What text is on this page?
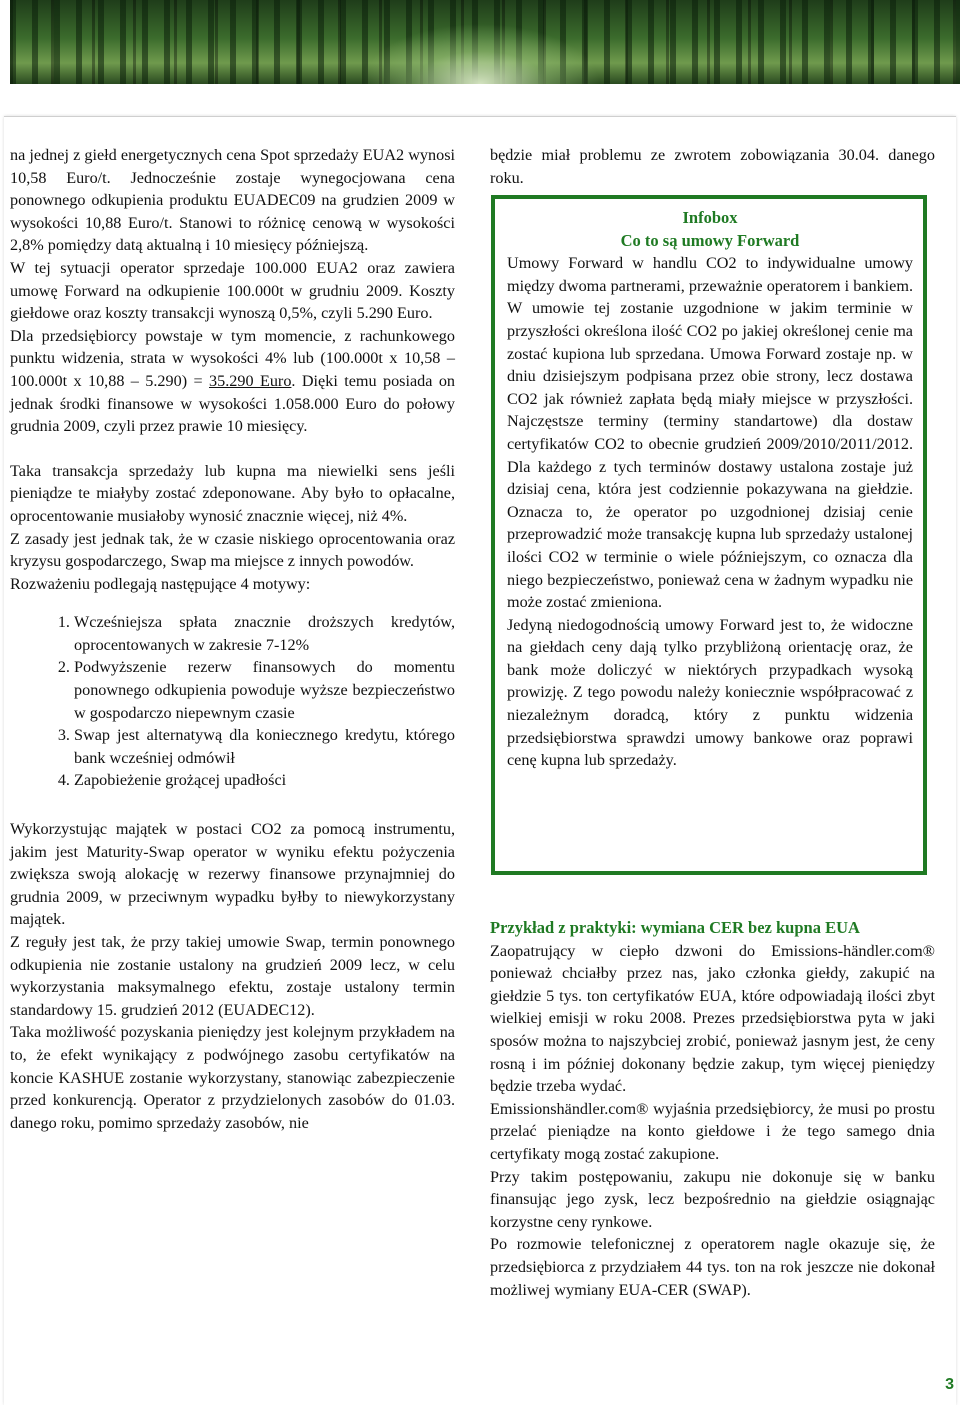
na jednej z giełd energetycznych cena Spot sprzedaży EUA2 wynosi 10,58 Euro/t. Jednocześnie zostaje wynegocjowana cena ponownego odkupienia produktu EUADEC09 na grudzien 2009 w wysokości 10,88 Euro/t. Stanowi to różnicę cenową w wysokości 2,8% pomiędzy datą aktualną i 10 miesięcy późniejszą.

W tej sytuacji operator sprzedaje 100.000 EUA2 oraz zawiera umowę Forward na odkupienie 100.000t w grudniu 2009. Koszty giełdowe oraz koszty transakcji wynoszą 0,5%, czyli 5.290 Euro.

Dla przedsiębiorcy powstaje w tym momencie, z rachunkowego punktu widzenia, strata w wysokości 4% lub (100.000t x 10,58 – 100.000t x 10,88 – 5.290) = 35.290 Euro. Dięki temu posiada on jednak środki finansowe w wysokości 1.058.000 Euro do połowy grudnia 2009, czyli przez prawie 10 miesięcy.

Taka transakcja sprzedaży lub kupna ma niewielki sens jeśli pieniądze te miałyby zostać zdeponowane. Aby było to opłacalne, oprocentowanie musiałoby wynosić znacznie więcej, niż 4%.

Z zasady jest jednak tak, że w czasie niskiego oprocentowania oraz kryzysu gospodarczego, Swap ma miejsce z innych powodów.

Rozważeniu podlegają następujące 4 motywy:

1. Wcześniejsza spłata znacznie droższych kredytów, oprocentowanych w zakresie 7-12%
2. Podwyższenie rezerw finansowych do momentu ponownego odkupienia powoduje wyższe bezpieczeństwo w gospodarczo niepewnym czasie
3. Swap jest alternatywą dla koniecznego kredytu, którego bank wcześniej odmówił
4. Zapobieżenie grożącej upadłości

Wykorzystując majątek w postaci CO2 za pomocą instrumentu, jakim jest Maturity-Swap operator w wyniku efektu pożyczenia zwiększa swoją alokację w rezerwy finansowe przynajmniej do grudnia 2009, w przeciwnym wypadku byłby to niewykorzystany majątek.

Z reguły jest tak, że przy takiej umowie Swap, termin ponownego odkupienia nie zostanie ustalony na grudzień 2009 lecz, w celu wykorzystania maksymalnego efektu, zostaje ustalony termin standardowy 15. grudzień 2012 (EUADEC12).

Taka możliwość pozyskania pieniędzy jest kolejnym przykładem na to, że efekt wynikający z podwójnego zasobu certyfikatów na koncie KASHUE zostanie wykorzystany, stanowiąc zabezpieczenie przed konkurencją. Operator z przydzielonych zasobów do 01.03. danego roku, pomimo sprzedaży zasobów, nie

będzie miał problemu ze zwrotem zobowiązania 30.04. danego roku.

Infobox
Co to są umowy Forward

Umowy Forward w handlu CO2 to indywidualne umowy między dwoma partnerami, przeważnie operatorem i bankiem. W umowie tej zostanie uzgodnione w jakim terminie w przyszłości określona ilość CO2 po jakiej określonej cenie ma zostać kupiona lub sprzedana. Umowa Forward zostaje np. w dniu dzisiejszym podpisana przez obie strony, lecz dostawa CO2 jak również zapłata będą miały miejsce w przyszłości. Najczęstsze terminy (terminy standartowe) dla dostaw certyfikatów CO2 to obecnie grudzień 2009/2010/2011/2012. Dla każdego z tych terminów dostawy ustalona zostaje już dzisiaj cena, która jest codziennie pokazywana na giełdzie. Oznacza to, że operator po uzgodnionej dzisiaj cenie przeprowadzić może transakcję kupna lub sprzedaży ustalonej ilości CO2 w terminie o wiele późniejszym, co oznacza dla niego bezpieczeństwo, ponieważ cena w żadnym wypadku nie może zostać zmieniona.

Jedyną niedogodnością umowy Forward jest to, że widoczne na giełdach ceny dają tylko przybliżoną orientację oraz, że bank może doliczyć w niektórych przypadkach wysoką prowizję. Z tego powodu należy koniecznie współpracować z niezależnym doradcą, który z punktu widzenia przedsiębiorstwa sprawdzi umowy bankowe oraz poprawi cenę kupna lub sprzedaży.

Przykład z praktyki: wymiana CER bez kupna EUA

Zaopatrujący w ciepło dzwoni do Emissions-händler.com® ponieważ chciałby przez nas, jako członka giełdy, zakupić na giełdzie 5 tys. ton certyfikatów EUA, które odpowiadają ilości zbyt wielkiej emisji w roku 2008. Prezes przedsiębiorstwa pyta w jaki sposów można to najszybciej zrobić, ponieważ jasnym jest, że ceny rosną i im później dokonany będzie zakup, tym więcej pieniędzy będzie trzeba wydać.

Emissionshändler.com® wyjaśnia przedsiębiorcy, że musi po prostu przelać pieniądze na konto giełdowe i że tego samego dnia certyfikaty mogą zostać zakupione.

Przy takim postępowaniu, zakupu nie dokonuje się w banku finansując jego zysk, lecz bezpośrednio na giełdzie osiągnając korzystne ceny rynkowe.

Po rozmowie telefonicznej z operatorem nagle okazuje się, że przedsiębiorca z przydziałem 44 tys. ton na rok jeszcze nie dokonał możliwej wymiany EUA-CER (SWAP).

3
